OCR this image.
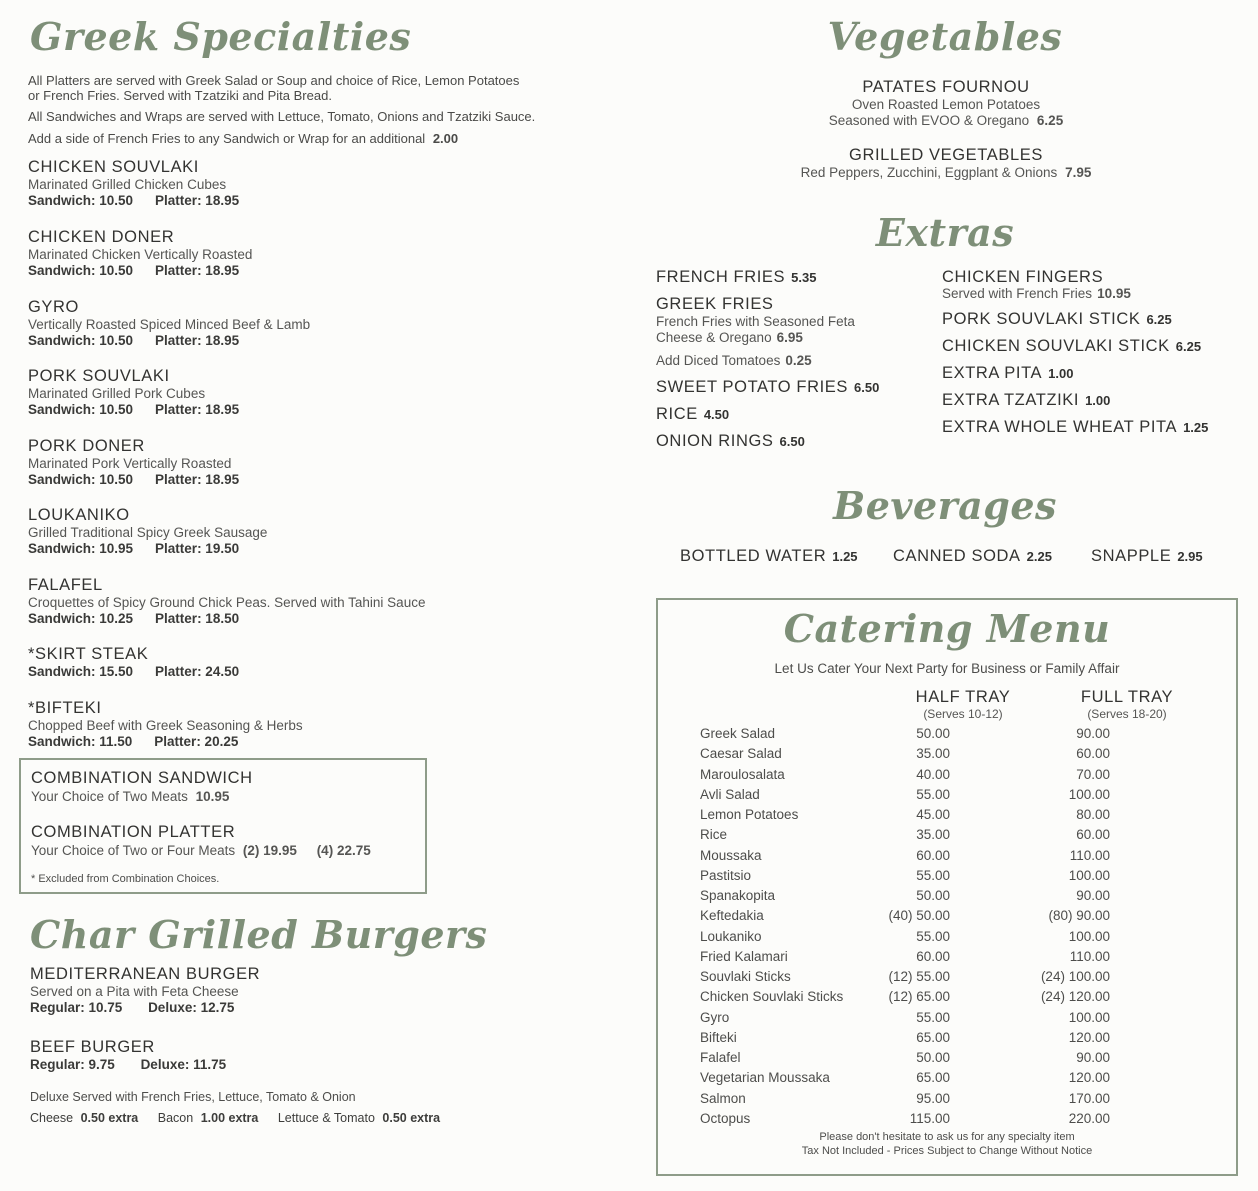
Greek Specialties
All Platters are served with Greek Salad or Soup and choice of Rice, Lemon Potatoes
or French Fries. Served with Tzatziki and Pita Bread.
All Sandwiches and Wraps are served with Lettuce, Tomato, Onions and Tzatziki Sauce.
Add a side of French Fries to any Sandwich or Wrap for an additional 2.00
CHICKEN SOUVLAKI
Marinated Grilled Chicken Cubes
Sandwich: 10.50 Platter: 18.95
CHICKEN DONER
Marinated Chicken Vertically Roasted
Sandwich: 10.50 Platter: 18.95
GYRO
Vertically Roasted Spiced Minced Beef & Lamb
Sandwich: 10.50 Platter: 18.95
PORK SOUVLAKI
Marinated Grilled Pork Cubes
Sandwich: 10.50 Platter: 18.95
PORK DONER
Marinated Pork Vertically Roasted
Sandwich: 10.50 Platter: 18.95
LOUKANIKO
Grilled Traditional Spicy Greek Sausage
Sandwich: 10.95 Platter: 19.50
FALAFEL
Croquettes of Spicy Ground Chick Peas. Served with Tahini Sauce
Sandwich: 10.25 Platter: 18.50
*SKIRT STEAK
Sandwich: 15.50 Platter: 24.50
*BIFTEKI
Chopped Beef with Greek Seasoning & Herbs
Sandwich: 11.50 Platter: 20.25
COMBINATION SANDWICH
Your Choice of Two Meats 10.95
COMBINATION PLATTER
Your Choice of Two or Four Meats (2) 19.95 (4) 22.75
* Excluded from Combination Choices.
Char Grilled Burgers
MEDITERRANEAN BURGER
Served on a Pita with Feta Cheese
Regular: 10.75 Deluxe: 12.75
BEEF BURGER
Regular: 9.75 Deluxe: 11.75
Deluxe Served with French Fries, Lettuce, Tomato & Onion
Cheese 0.50 extra Bacon 1.00 extra Lettuce & Tomato 0.50 extra
Vegetables
PATATES FOURNOU
Oven Roasted Lemon Potatoes
Seasoned with EVOO & Oregano 6.25
GRILLED VEGETABLES
Red Peppers, Zucchini, Eggplant & Onions 7.95
Extras
FRENCH FRIES 5.35
GREEK FRIES
French Fries with Seasoned Feta
Cheese & Oregano 6.95
Add Diced Tomatoes 0.25
SWEET POTATO FRIES 6.50
RICE 4.50
ONION RINGS 6.50
CHICKEN FINGERS
Served with French Fries 10.95
PORK SOUVLAKI STICK 6.25
CHICKEN SOUVLAKI STICK 6.25
EXTRA PITA 1.00
EXTRA TZATZIKI 1.00
EXTRA WHOLE WHEAT PITA 1.25
Beverages
BOTTLED WATER 1.25 CANNED SODA 2.25 SNAPPLE 2.95
Catering Menu
Let Us Cater Your Next Party for Business or Family Affair
HALF TRAY
(Serves 10-12)
FULL TRAY
(Serves 18-20)
Greek Salad	50.00	90.00
Caesar Salad	35.00	60.00
Maroulosalata	40.00	70.00
Avli Salad	55.00	100.00
Lemon Potatoes	45.00	80.00
Rice	35.00	60.00
Moussaka	60.00	110.00
Pastitsio	55.00	100.00
Spanakopita	50.00	90.00
Keftedakia	(40) 50.00	(80) 90.00
Loukaniko	55.00	100.00
Fried Kalamari	60.00	110.00
Souvlaki Sticks	(12) 55.00	(24) 100.00
Chicken Souvlaki Sticks	(12) 65.00	(24) 120.00
Gyro	55.00	100.00
Bifteki	65.00	120.00
Falafel	50.00	90.00
Vegetarian Moussaka	65.00	120.00
Salmon	95.00	170.00
Octopus	115.00	220.00
Please don't hesitate to ask us for any specialty item
Tax Not Included - Prices Subject to Change Without Notice
